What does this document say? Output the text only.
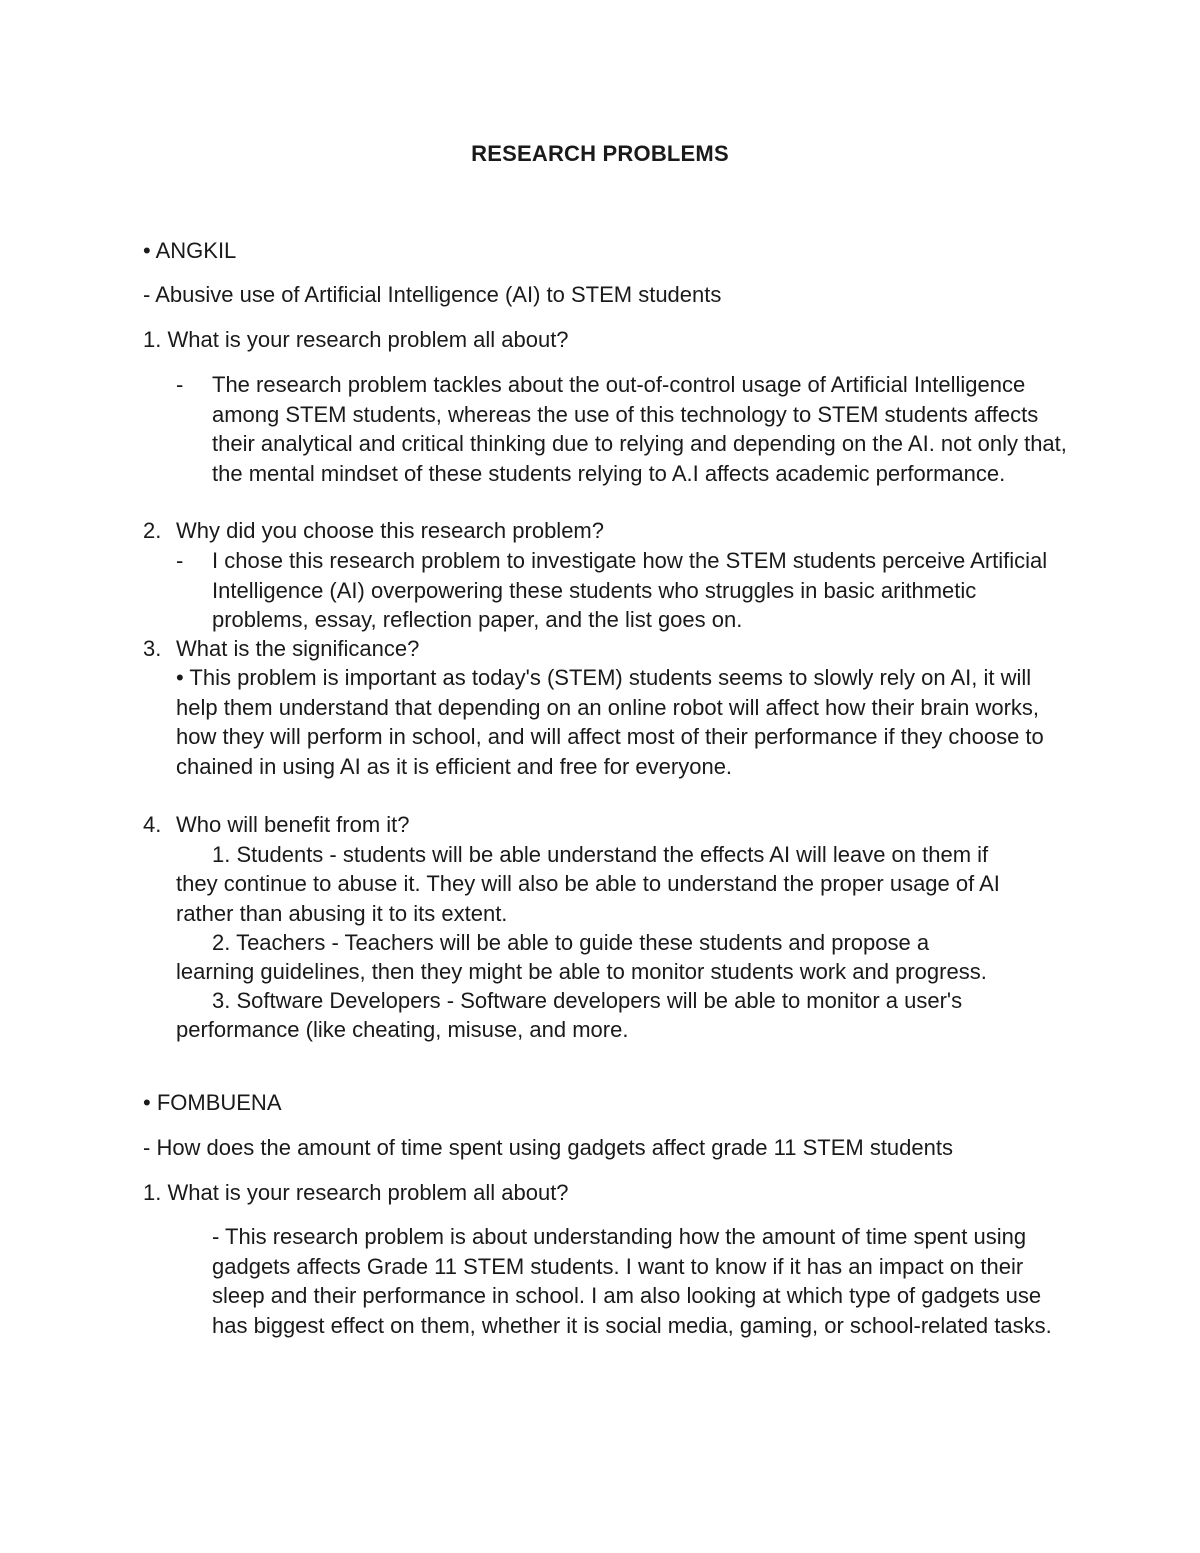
RESEARCH PROBLEMS
• ANGKIL
- Abusive use of Artificial Intelligence (AI) to STEM students
1. What is your research problem all about?
- The research problem tackles about the out-of-control usage of Artificial Intelligence among STEM students, whereas the use of this technology to STEM students affects their analytical and critical thinking due to relying and depending on the AI. not only that, the mental mindset of these students relying to A.I affects academic performance.
2. Why did you choose this research problem?
- I chose this research problem to investigate how the STEM students perceive Artificial Intelligence (AI) overpowering these students who struggles in basic arithmetic problems, essay, reflection paper, and the list goes on.
3. What is the significance?
• This problem is important as today's (STEM) students seems to slowly rely on AI, it will help them understand that depending on an online robot will affect how their brain works, how they will perform in school, and will affect most of their performance if they choose to chained in using AI as it is efficient and free for everyone.
4. Who will benefit from it?
1. Students - students will be able understand the effects AI will leave on them if
they continue to abuse it. They will also be able to understand the proper usage of AI rather than abusing it to its extent.
2. Teachers - Teachers will be able to guide these students and propose a
learning guidelines, then they might be able to monitor students work and progress.
3. Software Developers - Software developers will be able to monitor a user's
performance (like cheating, misuse, and more.
• FOMBUENA
- How does the amount of time spent using gadgets affect grade 11 STEM students
1. What is your research problem all about?
- This research problem is about understanding how the amount of time spent using gadgets affects Grade 11 STEM students. I want to know if it has an impact on their sleep and their performance in school. I am also looking at which type of gadgets use has biggest effect on them, whether it is social media, gaming, or school-related tasks.
